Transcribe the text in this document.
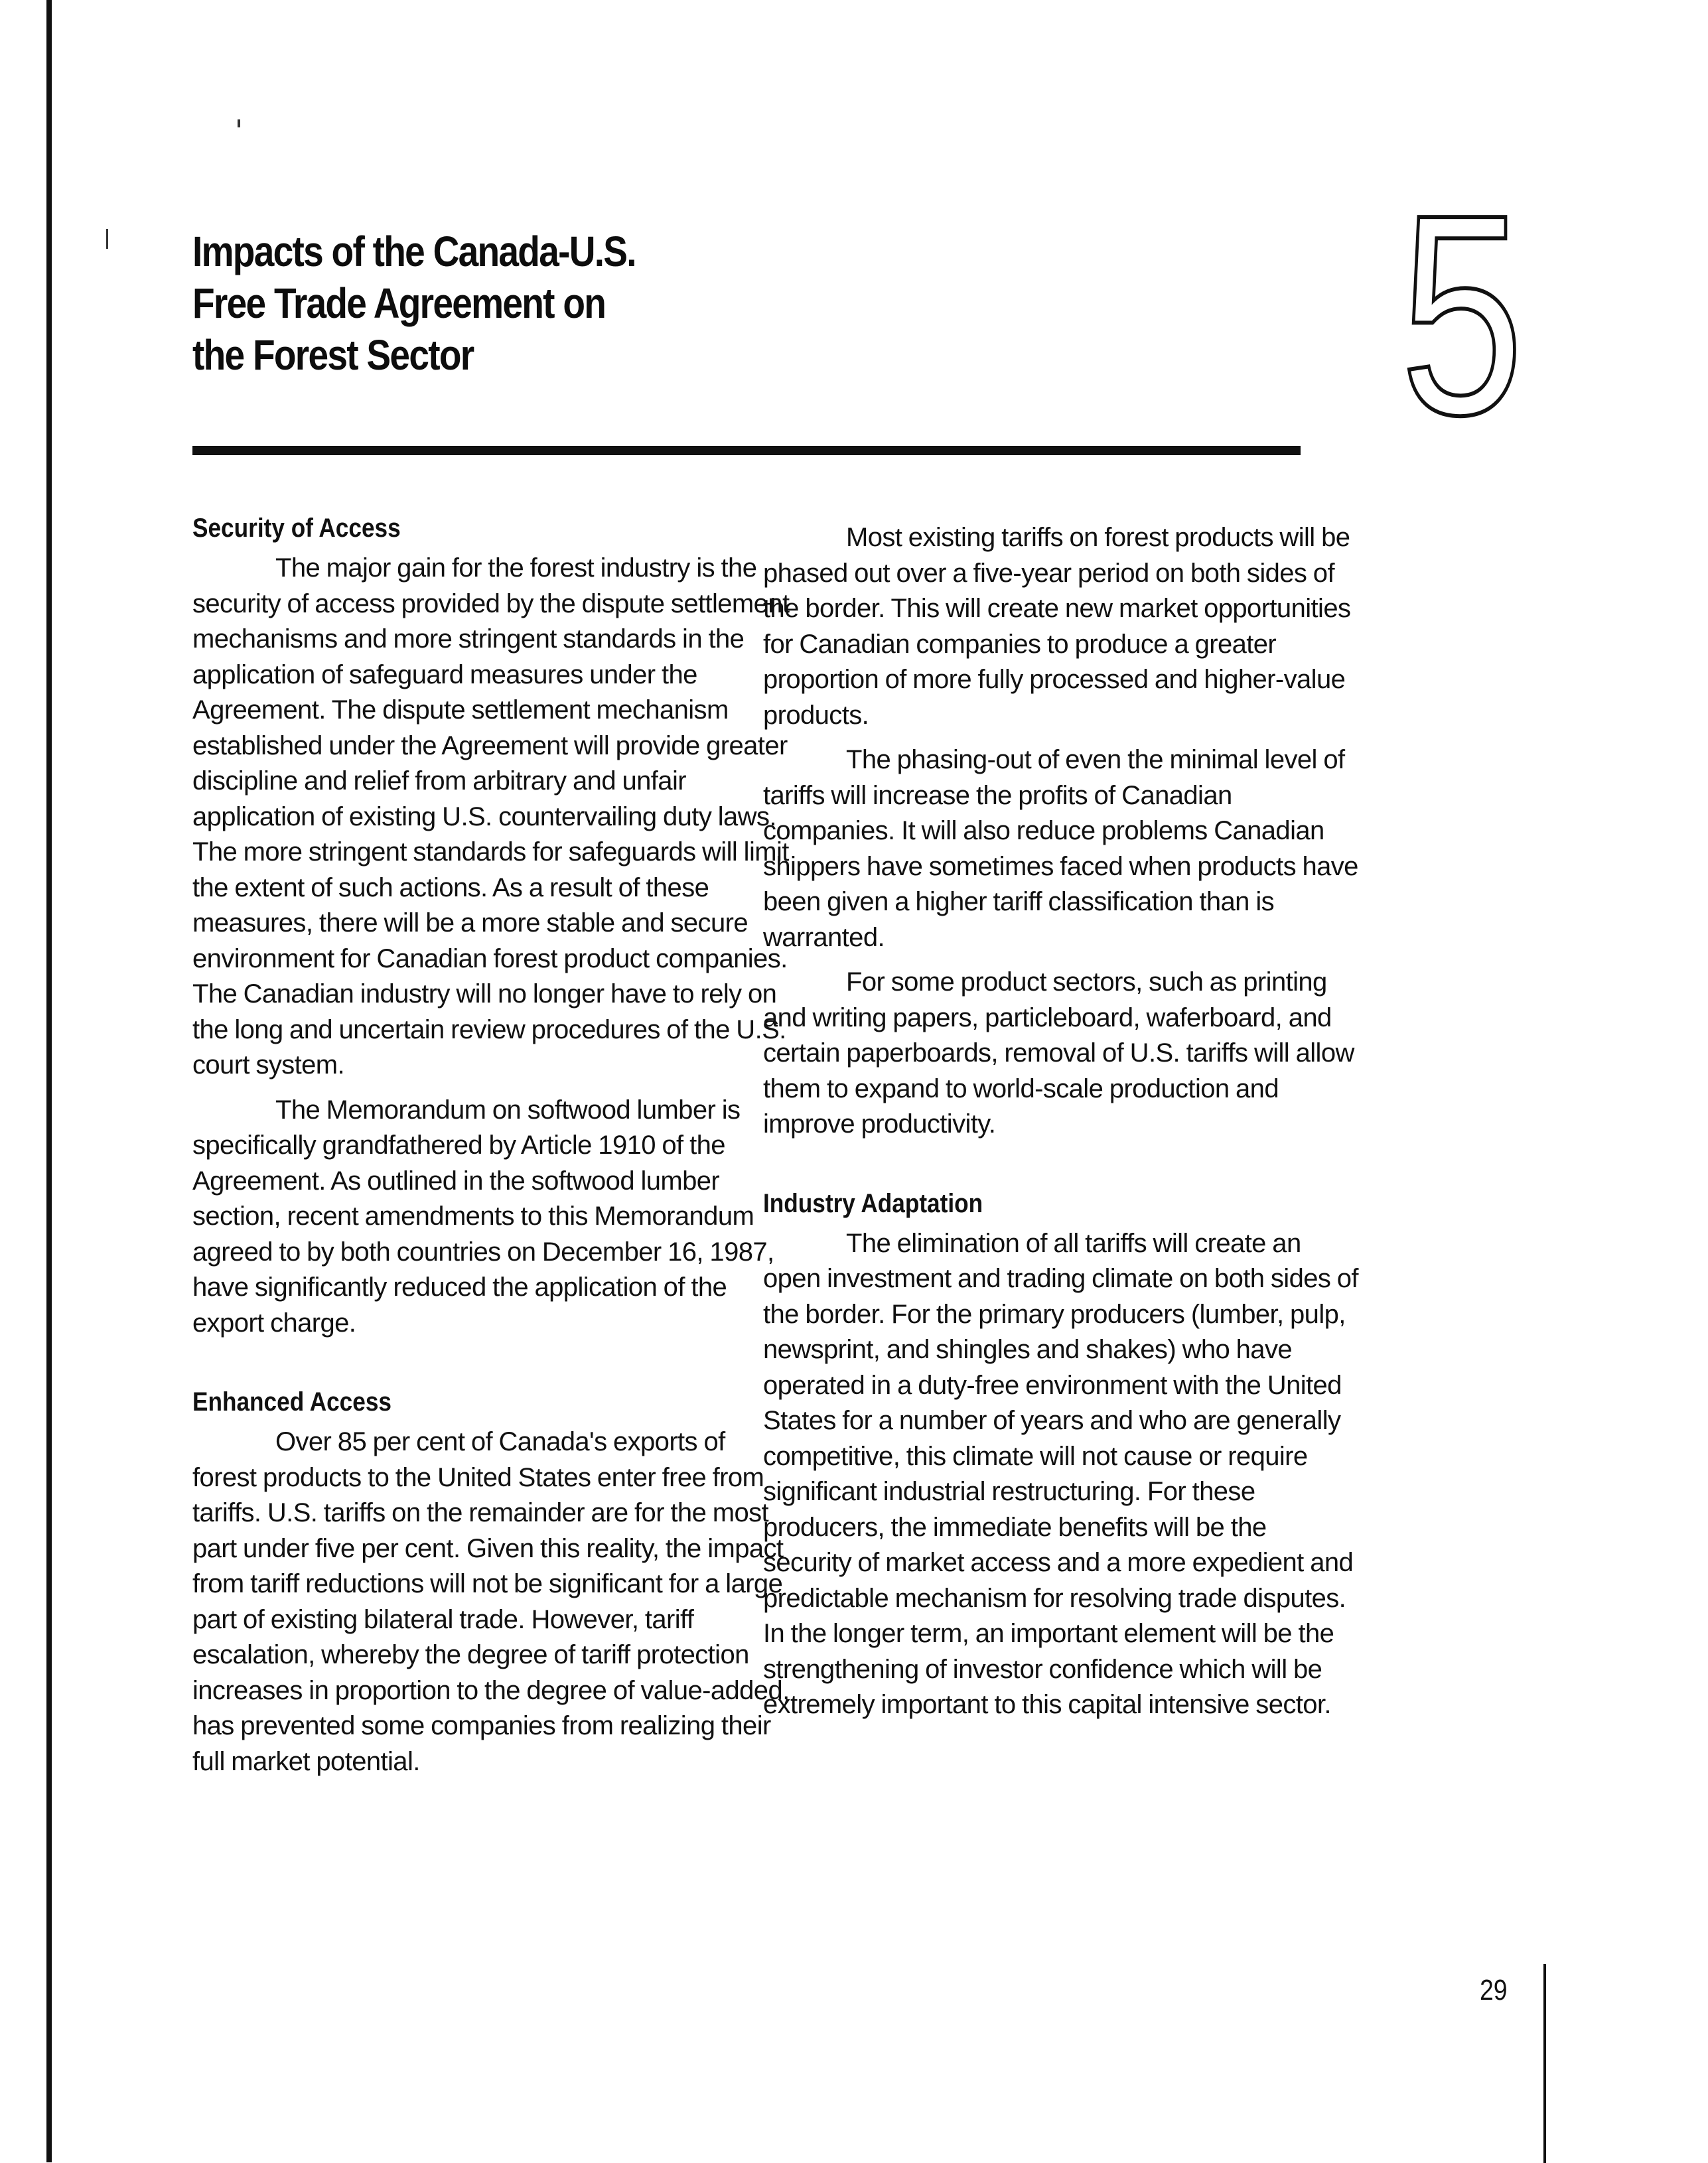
Impacts of the Canada-U.S.
Free Trade Agreement on
the Forest Sector	5
Security of Access

The major gain for the forest industry is the security of access provided by the dispute settlement mechanisms and more stringent standards in the application of safeguard measures under the Agreement. The dispute settlement mechanism established under the Agreement will provide greater discipline and relief from arbitrary and unfair application of existing U.S. countervailing duty laws. The more stringent standards for safeguards will limit the extent of such actions. As a result of these measures, there will be a more stable and secure environment for Canadian forest product companies. The Canadian industry will no longer have to rely on the long and uncertain review procedures of the U.S. court system.

The Memorandum on softwood lumber is specifically grandfathered by Article 1910 of the Agreement. As outlined in the softwood lumber section, recent amendments to this Memorandum agreed to by both countries on December 16, 1987, have significantly reduced the application of the export charge.

Enhanced Access

Over 85 per cent of Canada's exports of forest products to the United States enter free from tariffs. U.S. tariffs on the remainder are for the most part under five per cent. Given this reality, the impact from tariff reductions will not be significant for a large part of existing bilateral trade. However, tariff escalation, whereby the degree of tariff protection increases in proportion to the degree of value-added, has prevented some companies from realizing their full market potential.

Most existing tariffs on forest products will be phased out over a five-year period on both sides of the border. This will create new market opportunities for Canadian companies to produce a greater proportion of more fully processed and higher-value products.

The phasing-out of even the minimal level of tariffs will increase the profits of Canadian companies. It will also reduce problems Canadian shippers have sometimes faced when products have been given a higher tariff classification than is warranted.

For some product sectors, such as printing and writing papers, particleboard, waferboard, and certain paperboards, removal of U.S. tariffs will allow them to expand to world-scale production and improve productivity.

Industry Adaptation

The elimination of all tariffs will create an open investment and trading climate on both sides of the border. For the primary producers (lumber, pulp, newsprint, and shingles and shakes) who have operated in a duty-free environment with the United States for a number of years and who are generally competitive, this climate will not cause or require significant industrial restructuring. For these producers, the immediate benefits will be the security of market access and a more expedient and predictable mechanism for resolving trade disputes. In the longer term, an important element will be the strengthening of investor confidence which will be extremely important to this capital intensive sector.

29
